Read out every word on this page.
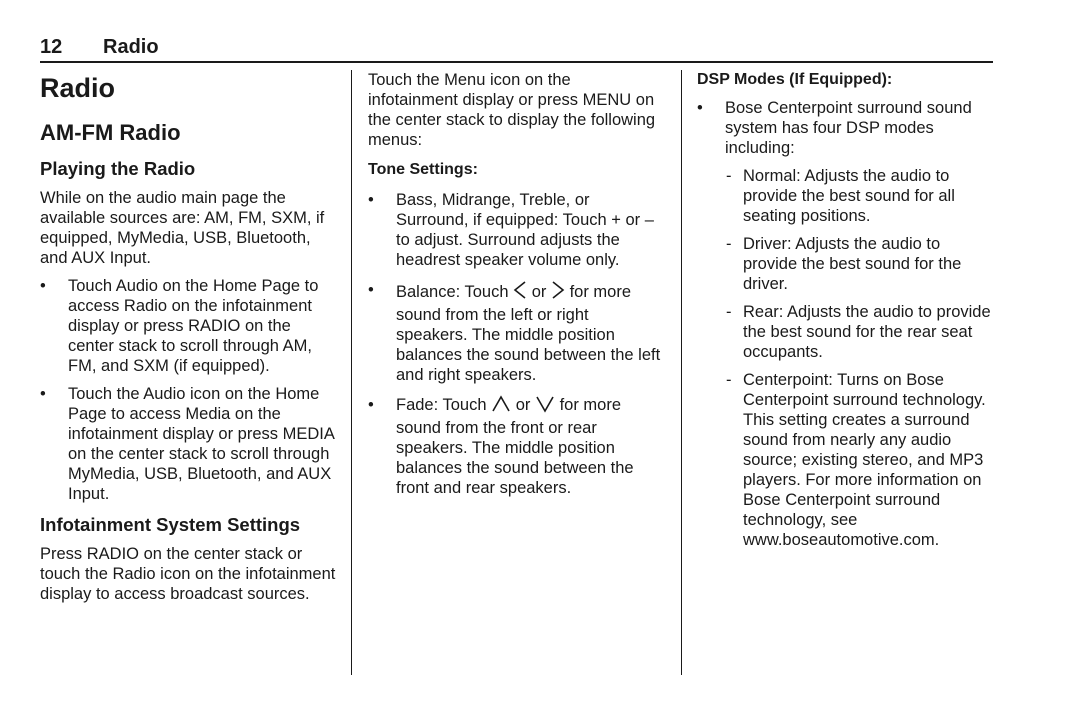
12 Radio
Radio
AM-FM Radio
Playing the Radio

While on the audio main page the available sources are: AM, FM, SXM, if equipped, MyMedia, USB, Bluetooth, and AUX Input.

• Touch Audio on the Home Page to access Radio on the infotainment display or press RADIO on the center stack to scroll through AM, FM, and SXM (if equipped).
• Touch the Audio icon on the Home Page to access Media on the infotainment display or press MEDIA on the center stack to scroll through MyMedia, USB, Bluetooth, and AUX Input.
Infotainment System Settings

Press RADIO on the center stack or touch the Radio icon on the infotainment display to access broadcast sources.

Touch the Menu icon on the infotainment display or press MENU on the center stack to display the following menus:

Tone Settings:
• Bass, Midrange, Treble, or Surround, if equipped: Touch + or – to adjust. Surround adjusts the headrest speaker volume only.
• Balance: Touch or for more sound from the left or right speakers. The middle position balances the sound between the left and right speakers.
• Fade: Touch or for more sound from the front or rear speakers. The middle position balances the sound between the front and rear speakers.
DSP Modes (If Equipped):
• Bose Centerpoint surround sound system has four DSP modes including:
- Normal: Adjusts the audio to provide the best sound for all seating positions.
- Driver: Adjusts the audio to provide the best sound for the driver.
- Rear: Adjusts the audio to provide the best sound for the rear seat occupants.
- Centerpoint: Turns on Bose Centerpoint surround technology. This setting creates a surround sound from nearly any audio source; existing stereo, and MP3 players. For more information on Bose Centerpoint surround technology, see www.boseautomotive.com.
